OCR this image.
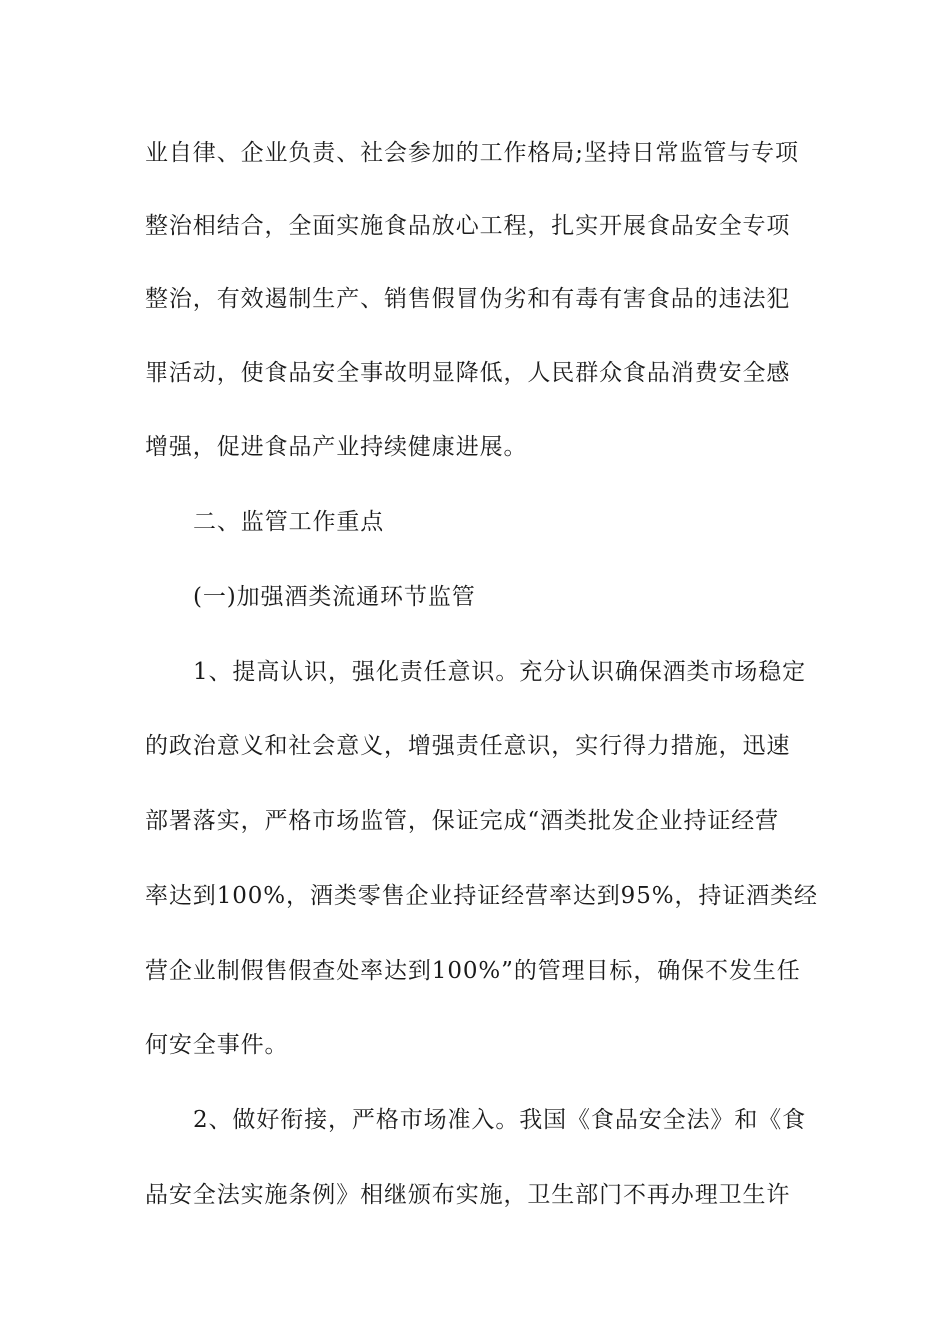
业自律、企业负责、社会参加的工作格局;坚持日常监管与专项

整治相结合，全面实施食品放心工程，扎实开展食品安全专项

整治，有效遏制生产、销售假冒伪劣和有毒有害食品的违法犯

罪活动，使食品安全事故明显降低，人民群众食品消费安全感

增强，促进食品产业持续健康进展。

二、监管工作重点

(一)加强酒类流通环节监管

1、提高认识，强化责任意识。充分认识确保酒类市场稳定

的政治意义和社会意义，增强责任意识，实行得力措施，迅速

部署落实，严格市场监管，保证完成“酒类批发企业持证经营

率达到100%，酒类零售企业持证经营率达到95%，持证酒类经

营企业制假售假查处率达到100%”的管理目标，确保不发生任

何安全事件。

2、做好衔接，严格市场准入。我国《食品安全法》和《食

品安全法实施条例》相继颁布实施，卫生部门不再办理卫生许
